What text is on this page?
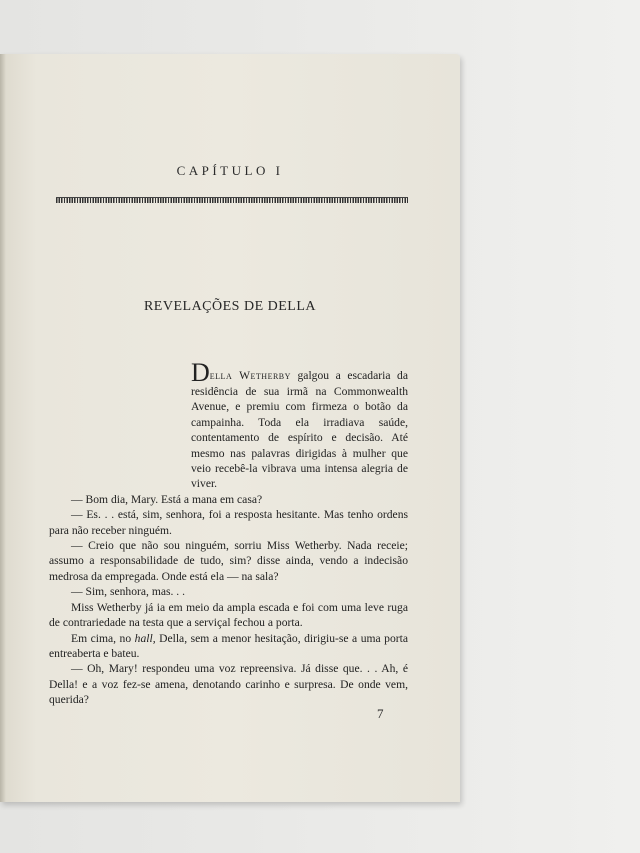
CAPÍTULO I
REVELAÇÕES DE DELLA

Della Wetherby galgou a escadaria da residência de sua irmã na Commonwealth Avenue, e premiu com firmeza o botão da campainha. Toda ela irradiava saúde, contentamento de espírito e decisão. Até mesmo nas palavras dirigidas à mulher que veio recebê-la vibrava uma intensa alegria de viver.

— Bom dia, Mary. Está a mana em casa?

— Es. . . está, sim, senhora, foi a resposta hesitante. Mas tenho ordens para não receber ninguém.

— Creio que não sou ninguém, sorriu Miss Wetherby. Nada receie; assumo a responsabilidade de tudo, sim? disse ainda, vendo a indecisão medrosa da empregada. Onde está ela — na sala?

— Sim, senhora, mas. . .

Miss Wetherby já ia em meio da ampla escada e foi com uma leve ruga de contrariedade na testa que a serviçal fechou a porta.

Em cima, no hall, Della, sem a menor hesitação, dirigiu-se a uma porta entreaberta e bateu.

— Oh, Mary! respondeu uma voz repreensiva. Já disse que. . . Ah, é Della! e a voz fez-se amena, denotando carinho e surpresa. De onde vem, querida?

7
